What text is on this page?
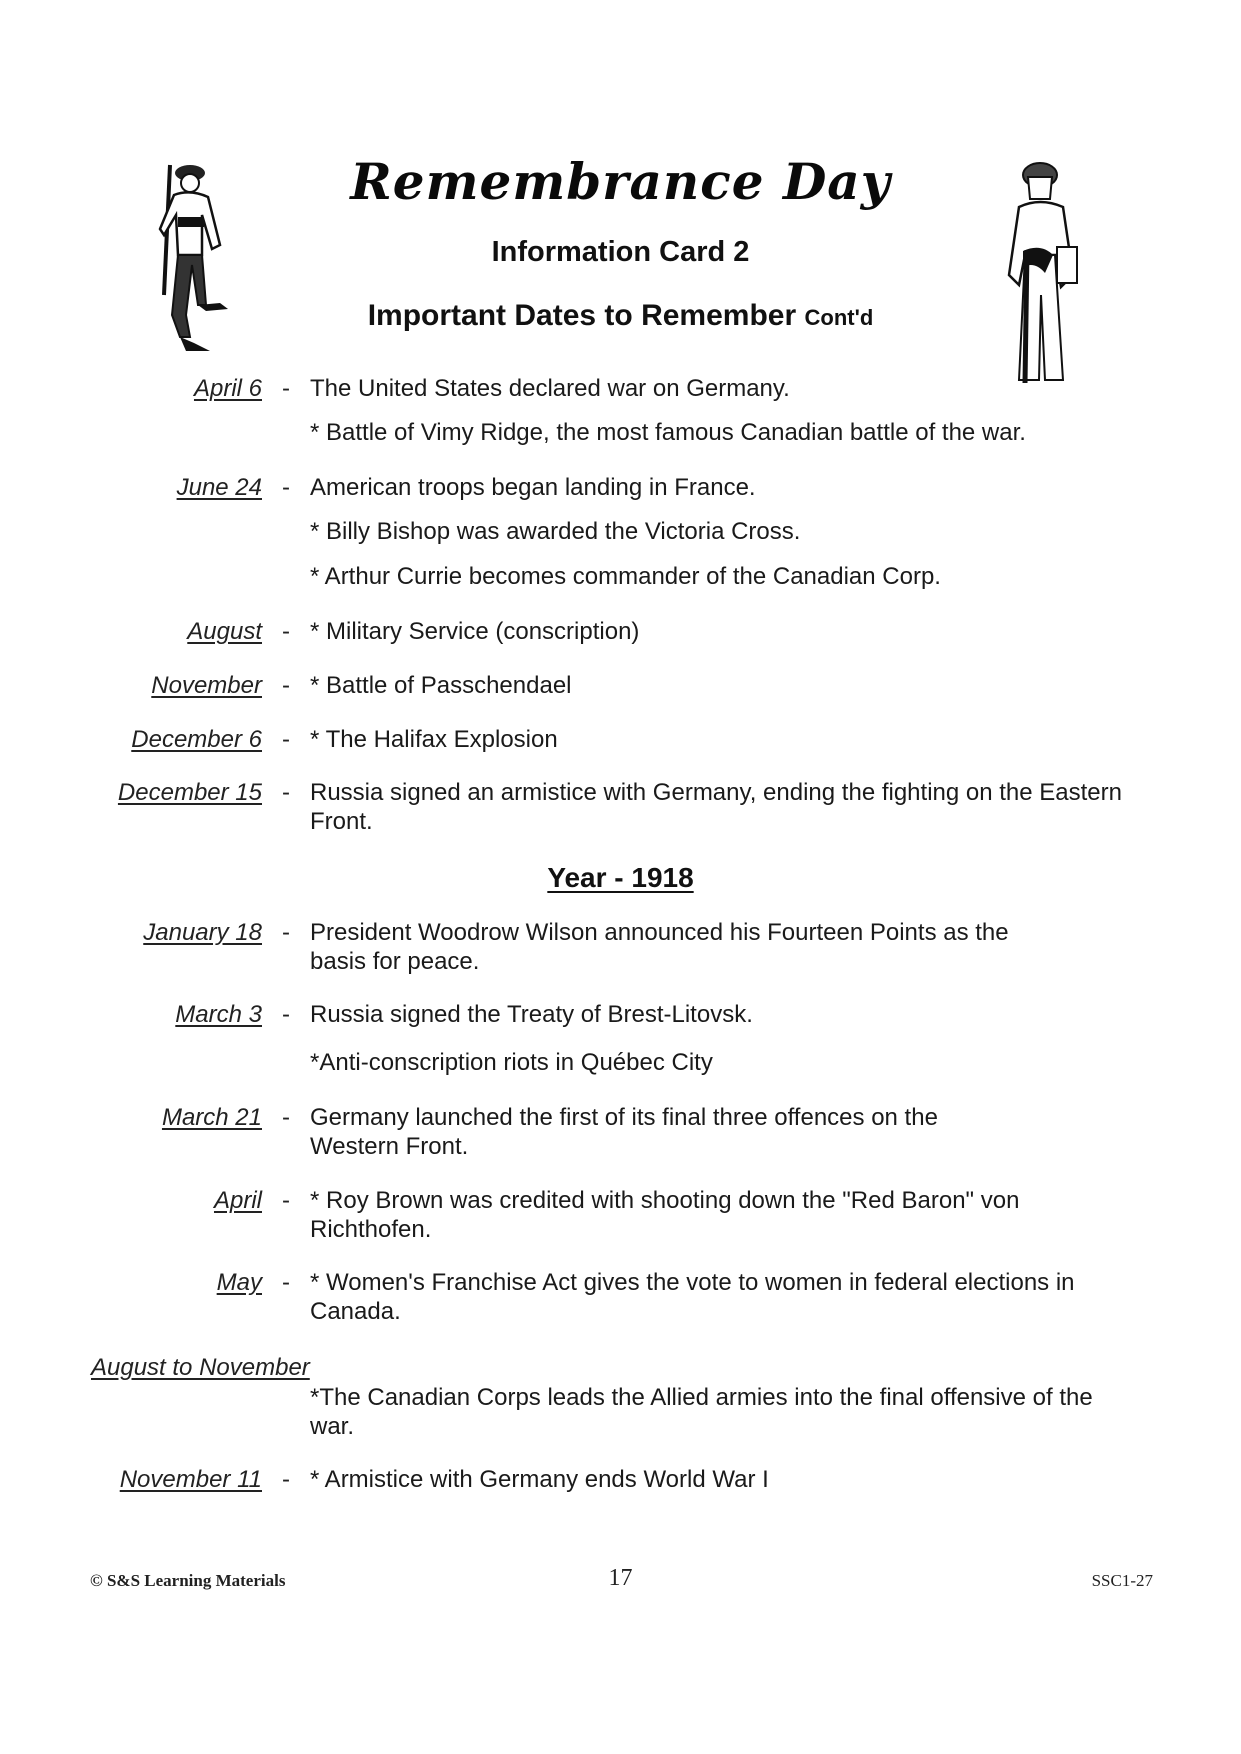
Remembrance Day
Information Card 2
Important Dates to Remember Cont'd
April 6 - The United States declared war on Germany.
* Battle of Vimy Ridge, the most famous Canadian battle of the war.
June 24 - American troops began landing in France.
* Billy Bishop was awarded the Victoria Cross.
* Arthur Currie becomes commander of the Canadian Corp.
August - * Military Service (conscription)
November - * Battle of Passchendael
December 6 - * The Halifax Explosion
December 15 - Russia signed an armistice with Germany, ending the fighting on the Eastern Front.
Year - 1918
January 18 - President Woodrow Wilson announced his Fourteen Points as the basis for peace.
March 3 - Russia signed the Treaty of Brest-Litovsk.
*Anti-conscription riots in Québec City
March 21 - Germany launched the first of its final three offences on the Western Front.
April - * Roy Brown was credited with shooting down the "Red Baron" von Richthofen.
May - * Women's Franchise Act gives the vote to women in federal elections in Canada.
August to November
*The Canadian Corps leads the Allied armies into the final offensive of the war.
November 11 - * Armistice with Germany ends World War I
© S&S Learning Materials	17	SSC1-27
